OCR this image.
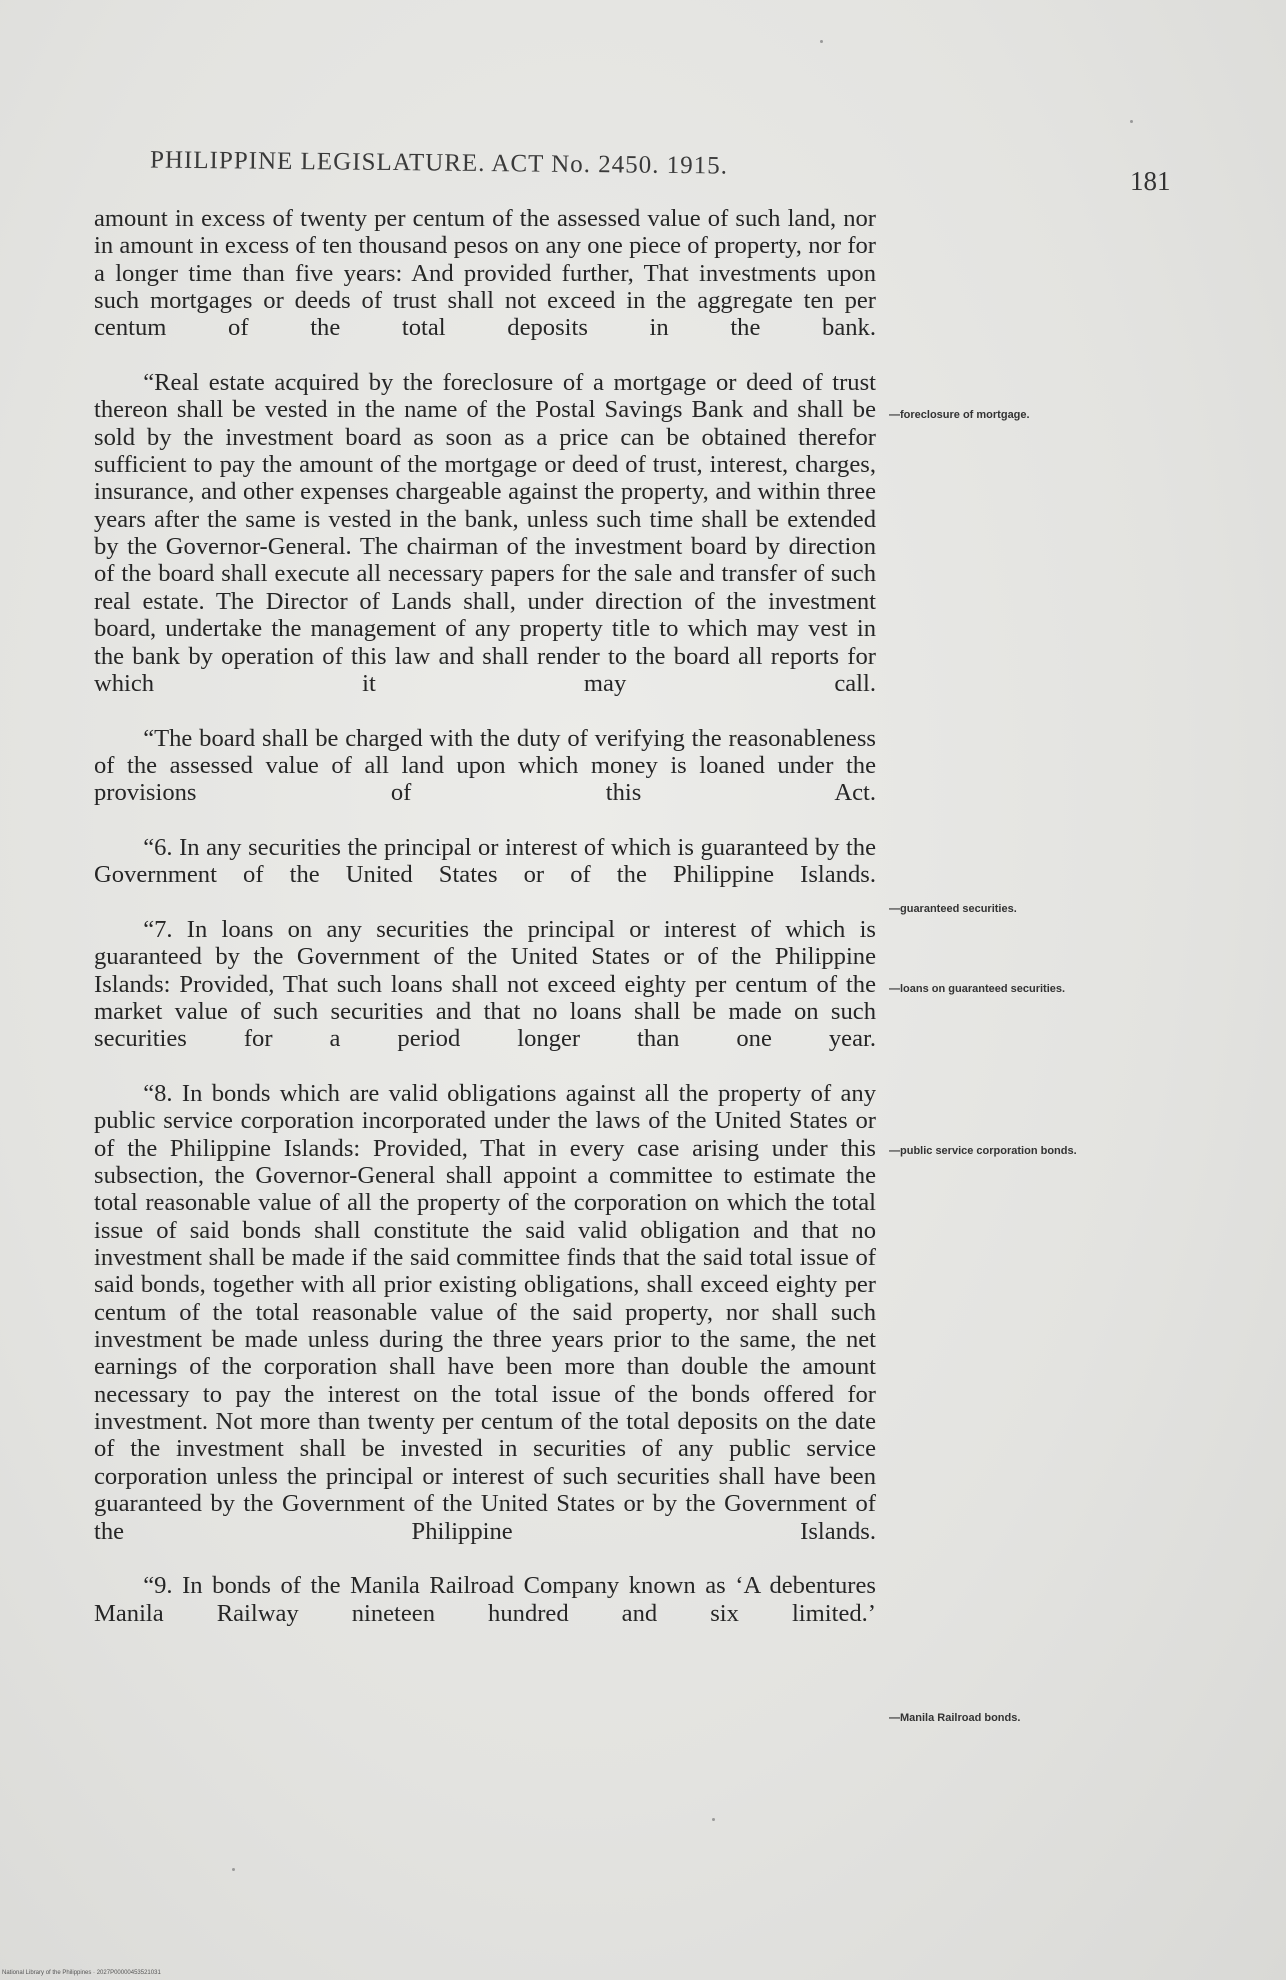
PHILIPPINE LEGISLATURE. ACT No. 2450. 1915.
181

amount in excess of twenty per centum of the assessed value of such land, nor in amount in excess of ten thousand pesos on any one piece of property, nor for a longer time than five years: And provided further, That investments upon such mortgages or deeds of trust shall not exceed in the aggregate ten per centum of the total deposits in the bank.

“Real estate acquired by the foreclosure of a mortgage or deed of trust thereon shall be vested in the name of the Postal Savings Bank and shall be sold by the investment board as soon as a price can be obtained therefor sufficient to pay the amount of the mortgage or deed of trust, interest, charges, insurance, and other expenses chargeable against the property, and within three years after the same is vested in the bank, unless such time shall be extended by the Governor-General. The chairman of the investment board by direction of the board shall execute all necessary papers for the sale and transfer of such real estate. The Director of Lands shall, under direction of the investment board, undertake the management of any property title to which may vest in the bank by operation of this law and shall render to the board all reports for which it may call.

“The board shall be charged with the duty of verifying the reasonableness of the assessed value of all land upon which money is loaned under the provisions of this Act.

“6. In any securities the principal or interest of which is guaranteed by the Government of the United States or of the Philippine Islands.

“7. In loans on any securities the principal or interest of which is guaranteed by the Government of the United States or of the Philippine Islands: Provided, That such loans shall not exceed eighty per centum of the market value of such securities and that no loans shall be made on such securities for a period longer than one year.

“8. In bonds which are valid obligations against all the property of any public service corporation incorporated under the laws of the United States or of the Philippine Islands: Provided, That in every case arising under this subsection, the Governor-General shall appoint a committee to estimate the total reasonable value of all the property of the corporation on which the total issue of said bonds shall constitute the said valid obligation and that no investment shall be made if the said committee finds that the said total issue of said bonds, together with all prior existing obligations, shall exceed eighty per centum of the total reasonable value of the said property, nor shall such investment be made unless during the three years prior to the same, the net earnings of the corporation shall have been more than double the amount necessary to pay the interest on the total issue of the bonds offered for investment. Not more than twenty per centum of the total deposits on the date of the investment shall be invested in securities of any public service corporation unless the principal or interest of such securities shall have been guaranteed by the Government of the United States or by the Government of the Philippine Islands.

“9. In bonds of the Manila Railroad Company known as ‘A debentures Manila Railway nineteen hundred and six limited.’

—foreclosure of mortgage.
—guaranteed securities.
—loans on guaranteed securities.
—public service corporation bonds.
—Manila Railroad bonds.
National Library of the Philippines · 2027P00000453521031
